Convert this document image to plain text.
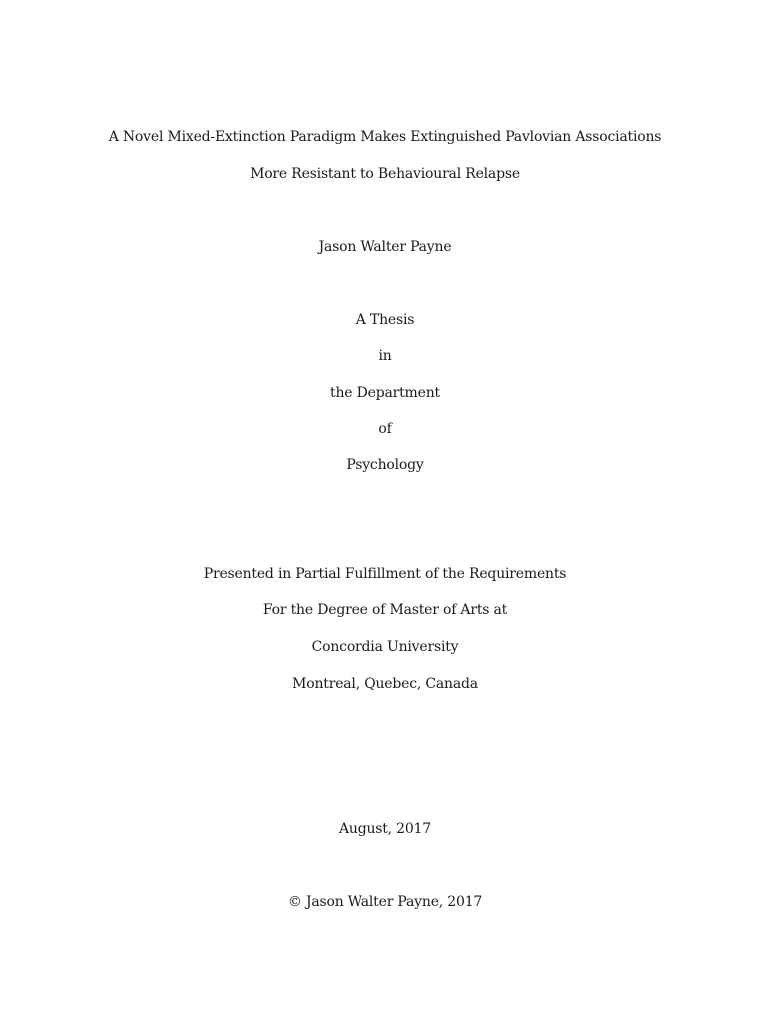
A Novel Mixed-Extinction Paradigm Makes Extinguished Pavlovian Associations
More Resistant to Behavioural Relapse
Jason Walter Payne
A Thesis
in
the Department
of
Psychology
Presented in Partial Fulfillment of the Requirements
For the Degree of Master of Arts at
Concordia University
Montreal, Quebec, Canada
August, 2017
© Jason Walter Payne, 2017
